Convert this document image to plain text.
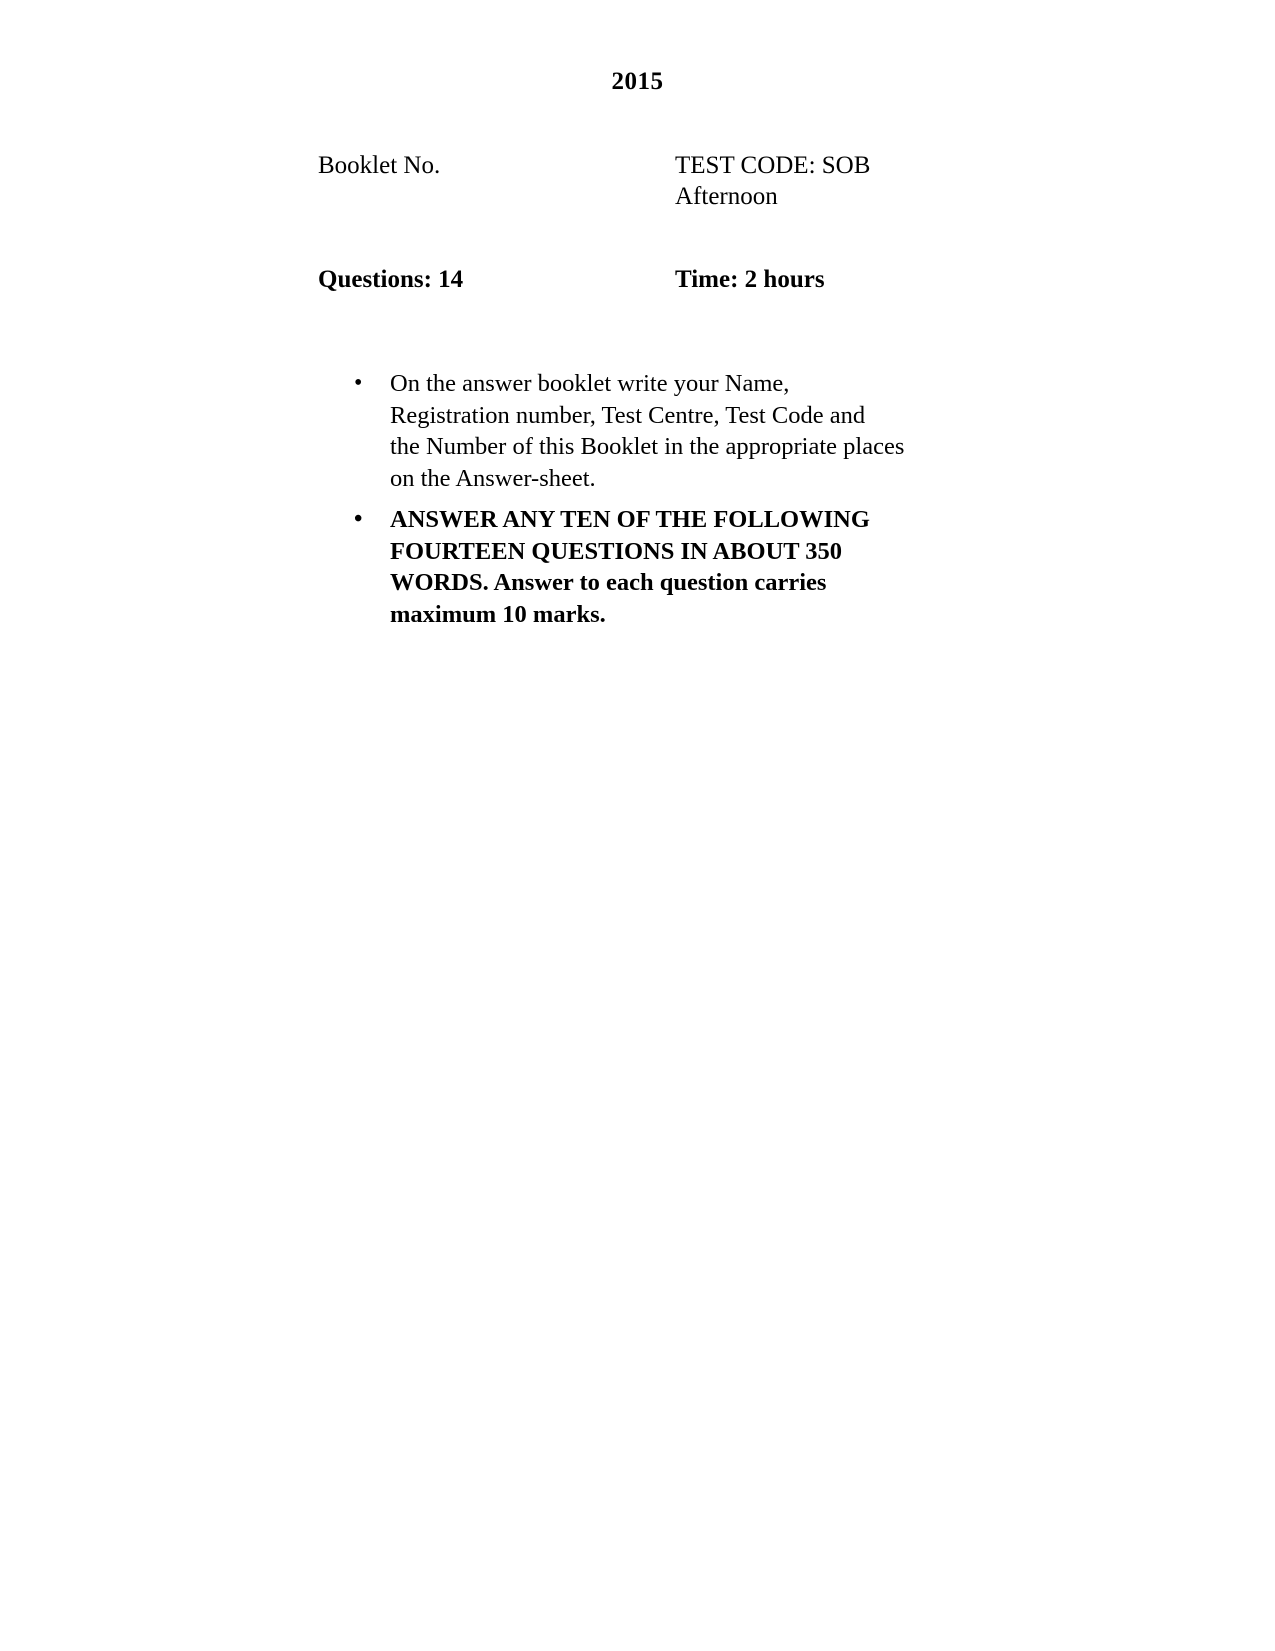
2015
Booklet No.	TEST CODE: SOB
Afternoon
Questions: 14	Time: 2 hours
• On the answer booklet write your Name,

Registration number, Test Centre, Test Code and

the Number of this Booklet in the appropriate places

on the Answer-sheet.

• ANSWER ANY TEN OF THE FOLLOWING

FOURTEEN QUESTIONS IN ABOUT 350

WORDS. Answer to each question carries

maximum 10 marks.
